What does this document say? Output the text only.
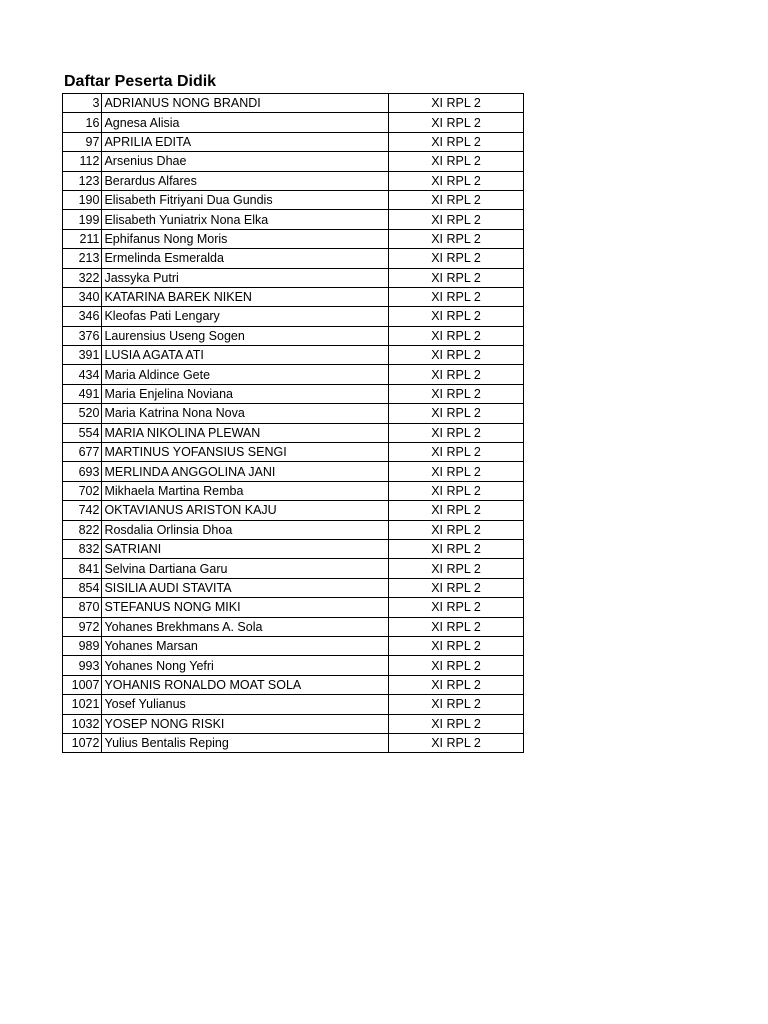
Daftar Peserta Didik
3	ADRIANUS NONG BRANDI	XI RPL 2
16	Agnesa Alisia	XI RPL 2
97	APRILIA EDITA	XI RPL 2
112	Arsenius Dhae	XI RPL 2
123	Berardus Alfares	XI RPL 2
190	Elisabeth Fitriyani Dua Gundis	XI RPL 2
199	Elisabeth Yuniatrix Nona Elka	XI RPL 2
211	Ephifanus Nong Moris	XI RPL 2
213	Ermelinda Esmeralda	XI RPL 2
322	Jassyka Putri	XI RPL 2
340	KATARINA BAREK NIKEN	XI RPL 2
346	Kleofas Pati Lengary	XI RPL 2
376	Laurensius Useng Sogen	XI RPL 2
391	LUSIA AGATA ATI	XI RPL 2
434	Maria Aldince Gete	XI RPL 2
491	Maria Enjelina Noviana	XI RPL 2
520	Maria Katrina Nona Nova	XI RPL 2
554	MARIA NIKOLINA PLEWAN	XI RPL 2
677	MARTINUS YOFANSIUS SENGI	XI RPL 2
693	MERLINDA ANGGOLINA JANI	XI RPL 2
702	Mikhaela Martina Remba	XI RPL 2
742	OKTAVIANUS ARISTON KAJU	XI RPL 2
822	Rosdalia Orlinsia Dhoa	XI RPL 2
832	SATRIANI	XI RPL 2
841	Selvina Dartiana Garu	XI RPL 2
854	SISILIA AUDI STAVITA	XI RPL 2
870	STEFANUS NONG MIKI	XI RPL 2
972	Yohanes Brekhmans A. Sola	XI RPL 2
989	Yohanes Marsan	XI RPL 2
993	Yohanes Nong Yefri	XI RPL 2
1007	YOHANIS RONALDO MOAT SOLA	XI RPL 2
1021	Yosef Yulianus	XI RPL 2
1032	YOSEP NONG RISKI	XI RPL 2
1072	Yulius Bentalis Reping	XI RPL 2
